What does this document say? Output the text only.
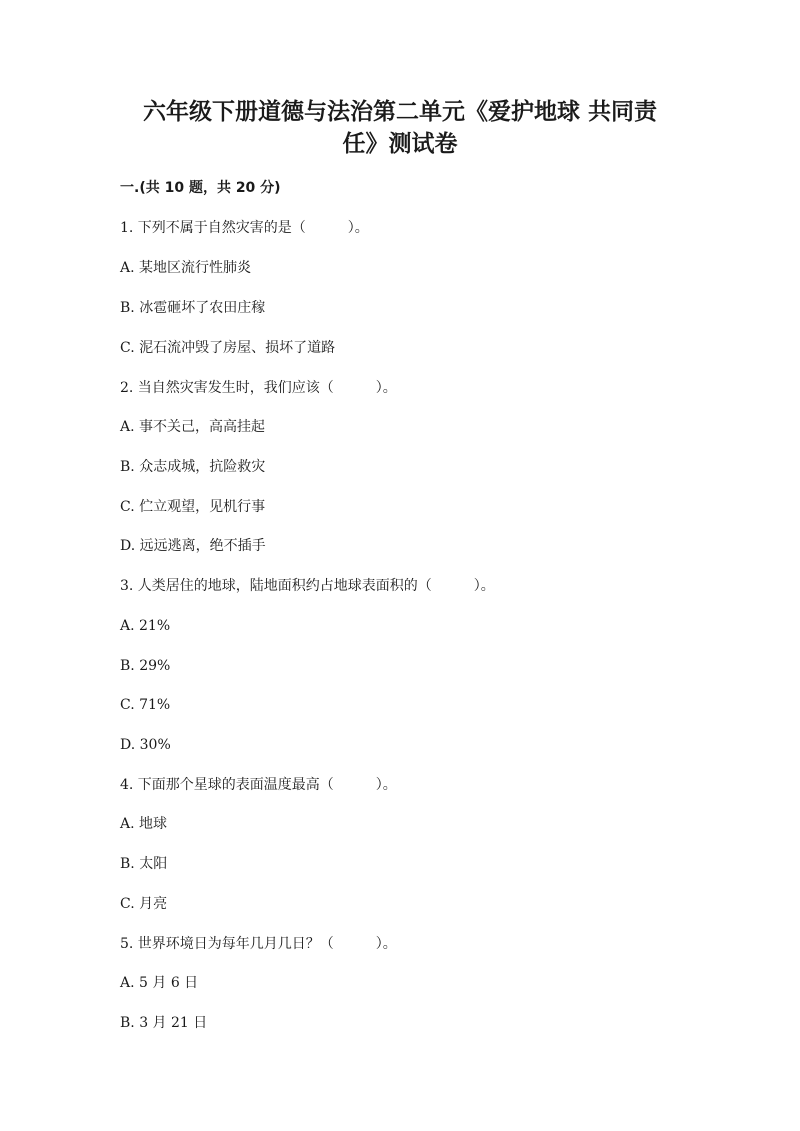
六年级下册道德与法治第二单元《爱护地球 共同责
任》测试卷
一.(共 10 题，共 20 分)
1. 下列不属于自然灾害的是（　　　）。
A. 某地区流行性肺炎
B. 冰雹砸坏了农田庄稼
C. 泥石流冲毁了房屋、损坏了道路
2. 当自然灾害发生时，我们应该（　　　）。
A. 事不关己，高高挂起
B. 众志成城，抗险救灾
C. 伫立观望，见机行事
D. 远远逃离，绝不插手
3. 人类居住的地球，陆地面积约占地球表面积的（　　　）。
A. 21%
B. 29%
C. 71%
D. 30%
4. 下面那个星球的表面温度最高（　　　）。
A. 地球
B. 太阳
C. 月亮
5. 世界环境日为每年几月几日？（　　　）。
A. 5 月 6 日
B. 3 月 21 日
